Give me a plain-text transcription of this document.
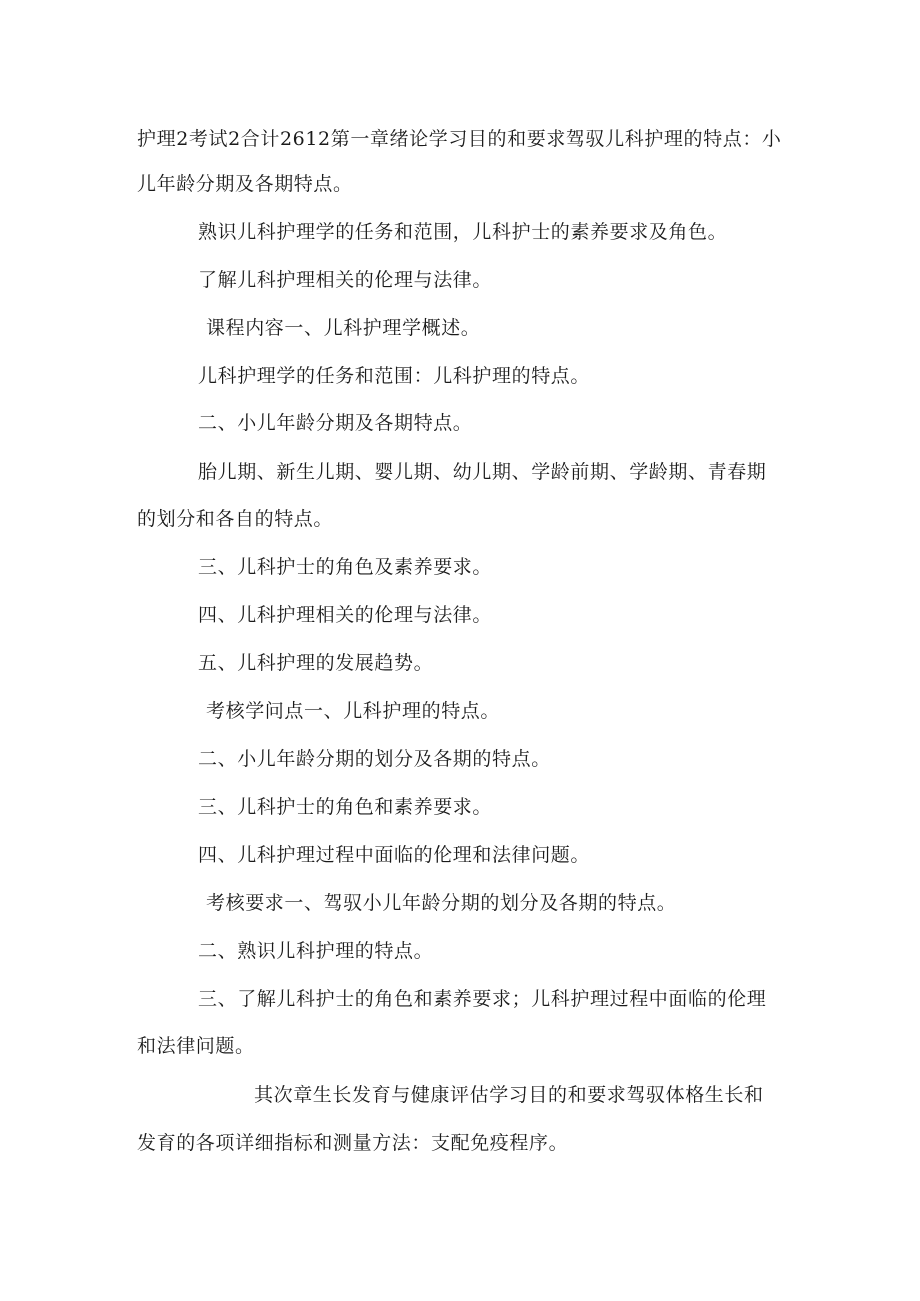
护理2考试2合计2612第一章绪论学习目的和要求驾驭儿科护理的特点：小
儿年龄分期及各期特点。
熟识儿科护理学的任务和范围，儿科护士的素养要求及角色。
了解儿科护理相关的伦理与法律。
课程内容一、儿科护理学概述。
儿科护理学的任务和范围：儿科护理的特点。
二、小儿年龄分期及各期特点。
胎儿期、新生儿期、婴儿期、幼儿期、学龄前期、学龄期、青春期
的划分和各自的特点。
三、儿科护士的角色及素养要求。
四、儿科护理相关的伦理与法律。
五、儿科护理的发展趋势。
考核学问点一、儿科护理的特点。
二、小儿年龄分期的划分及各期的特点。
三、儿科护士的角色和素养要求。
四、儿科护理过程中面临的伦理和法律问题。
考核要求一、驾驭小儿年龄分期的划分及各期的特点。
二、熟识儿科护理的特点。
三、了解儿科护士的角色和素养要求；儿科护理过程中面临的伦理
和法律问题。
其次章生长发育与健康评估学习目的和要求驾驭体格生长和
发育的各项详细指标和测量方法：支配免疫程序。
